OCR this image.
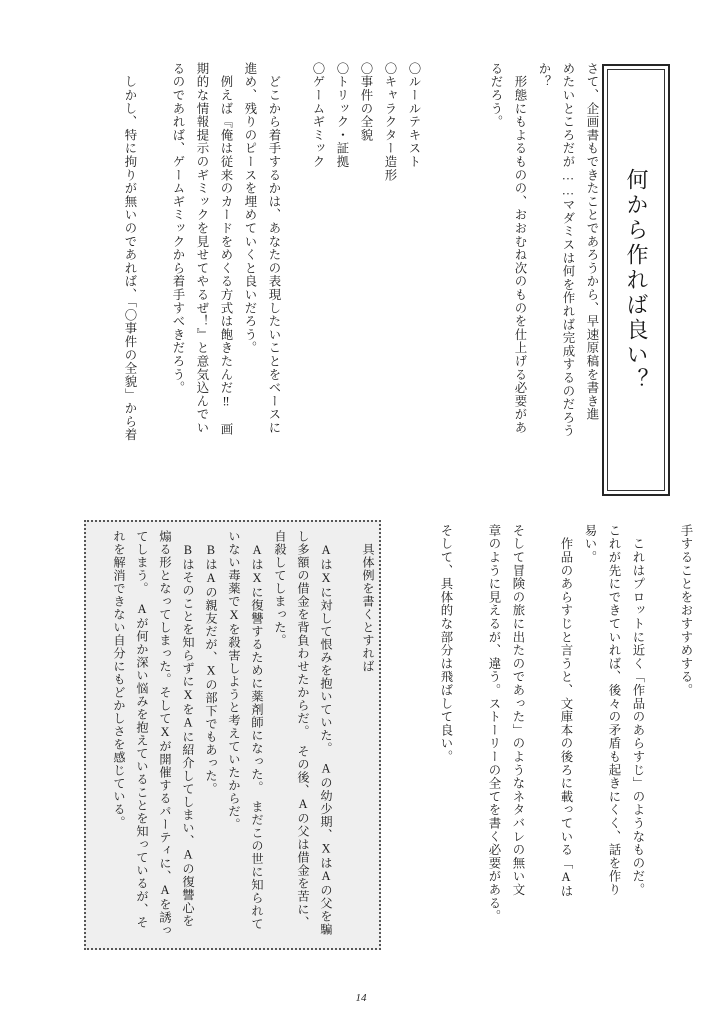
何から作れば良い？
さて、企画書もできたことであろうから、早速原稿を書き進
めたいところだが……マダミスは何を作れば完成するのだろう
か？
　形態にもよるものの、おおむね次のものを仕上げる必要があ
るだろう。
〇ルールテキスト
〇キャラクター造形
〇事件の全貌
〇トリック・証拠
〇ゲームギミック
　どこから着手するかは、あなたの表現したいことをベースに
進め、残りのピースを埋めていくと良いだろう。
　例えば『俺は従来のカードをめくる方式は飽きたんだ‼　画
期的な情報提示のギミックを見せてやるぜ！』と意気込んでい
るのであれば、ゲームギミックから着手すべきだろう。
　しかし、特に拘りが無いのであれば、「〇事件の全貌」から着
手することをおすすめする。
　これはプロットに近く「作品のあらすじ」のようなものだ。
これが先にできていれば、後々の矛盾も起きにくく、話を作り
易い。
　作品のあらすじと言うと、文庫本の後ろに載っている「Aは
そして冒険の旅に出たのであった」のようなネタバレの無い文
章のように見えるが、違う。ストーリーの全てを書く必要がある。
そして、具体的な部分は飛ばして良い。
　具体例を書くとすれば
　AはXに対して恨みを抱いていた。　Aの幼少期、XはAの父を騙
し多額の借金を背負わせたからだ。　その後、Aの父は借金を苦に、
自殺してしまった。
　AはXに復讐するために薬剤師になった。　まだこの世に知られて
いない毒薬でXを殺害しようと考えていたからだ。
　BはAの親友だが、Xの部下でもあった。
　Bはそのことを知らずにXをAに紹介してしまい、Aの復讐心を
煽る形となってしまった。そしてXが開催するパーティに、Aを誘っ
てしまう。　Aが何か深い悩みを抱えていることを知っているが、そ
れを解消できない自分にもどかしさを感じている。
14
